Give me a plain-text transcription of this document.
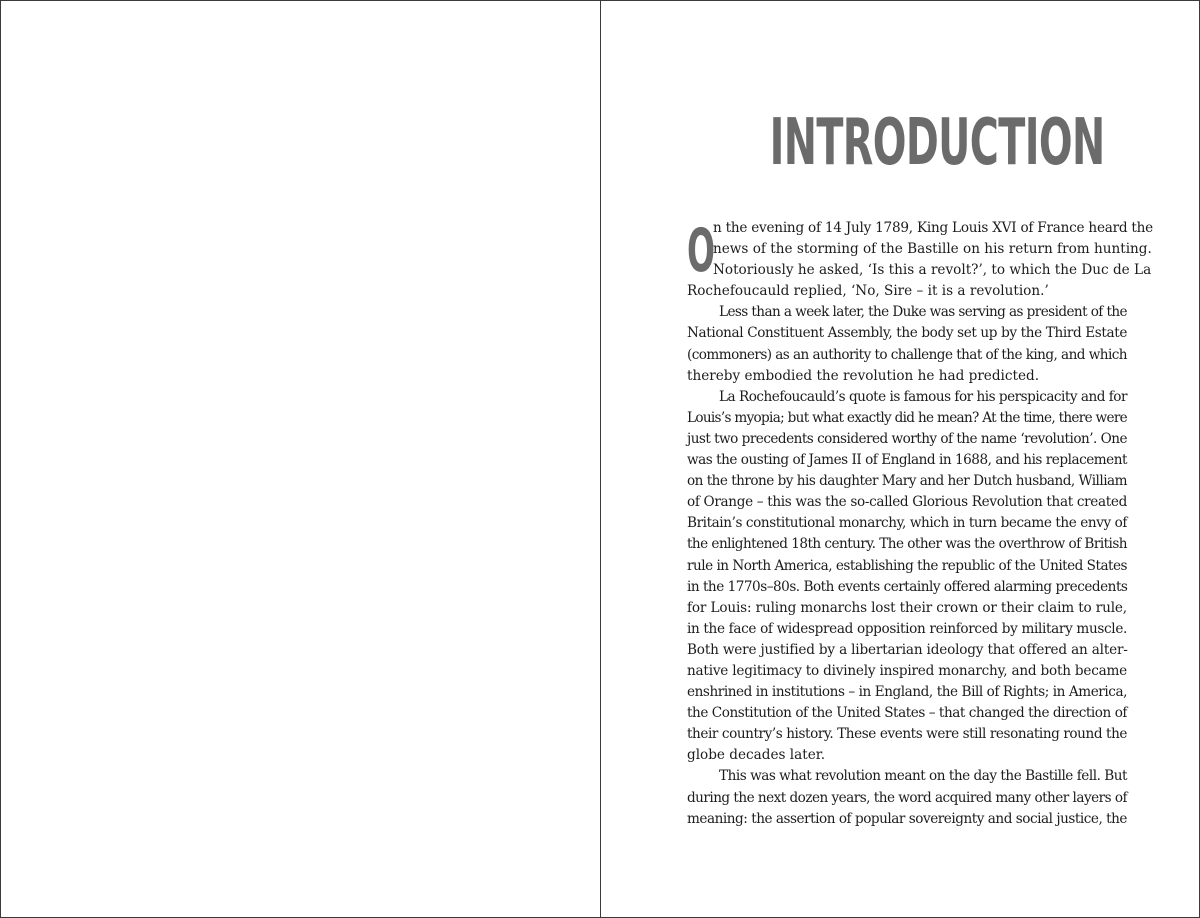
INTRODUCTION
O
n the evening of 14 July 1789, King Louis XVI of France heard the
news of the storming of the Bastille on his return from hunting.
Notoriously he asked, ‘Is this a revolt?’, to which the Duc de La
Rochefoucauld replied, ‘No, Sire – it is a revolution.’
Less than a week later, the Duke was serving as president of the
National Constituent Assembly, the body set up by the Third Estate
(commoners) as an authority to challenge that of the king, and which
thereby embodied the revolution he had predicted.
La Rochefoucauld’s quote is famous for his perspicacity and for
Louis’s myopia; but what exactly did he mean? At the time, there were
just two precedents considered worthy of the name ‘revolution’. One
was the ousting of James II of England in 1688, and his replacement
on the throne by his daughter Mary and her Dutch husband, William
of Orange – this was the so-called Glorious Revolution that created
Britain’s constitutional monarchy, which in turn became the envy of
the enlightened 18th century. The other was the overthrow of British
rule in North America, establishing the republic of the United States
in the 1770s–80s. Both events certainly offered alarming precedents
for Louis: ruling monarchs lost their crown or their claim to rule,
in the face of widespread opposition reinforced by military muscle.
Both were justified by a libertarian ideology that offered an alter-
native legitimacy to divinely inspired monarchy, and both became
enshrined in institutions – in England, the Bill of Rights; in America,
the Constitution of the United States – that changed the direction of
their country’s history. These events were still resonating round the
globe decades later.
This was what revolution meant on the day the Bastille fell. But
during the next dozen years, the word acquired many other layers of
meaning: the assertion of popular sovereignty and social justice, the
